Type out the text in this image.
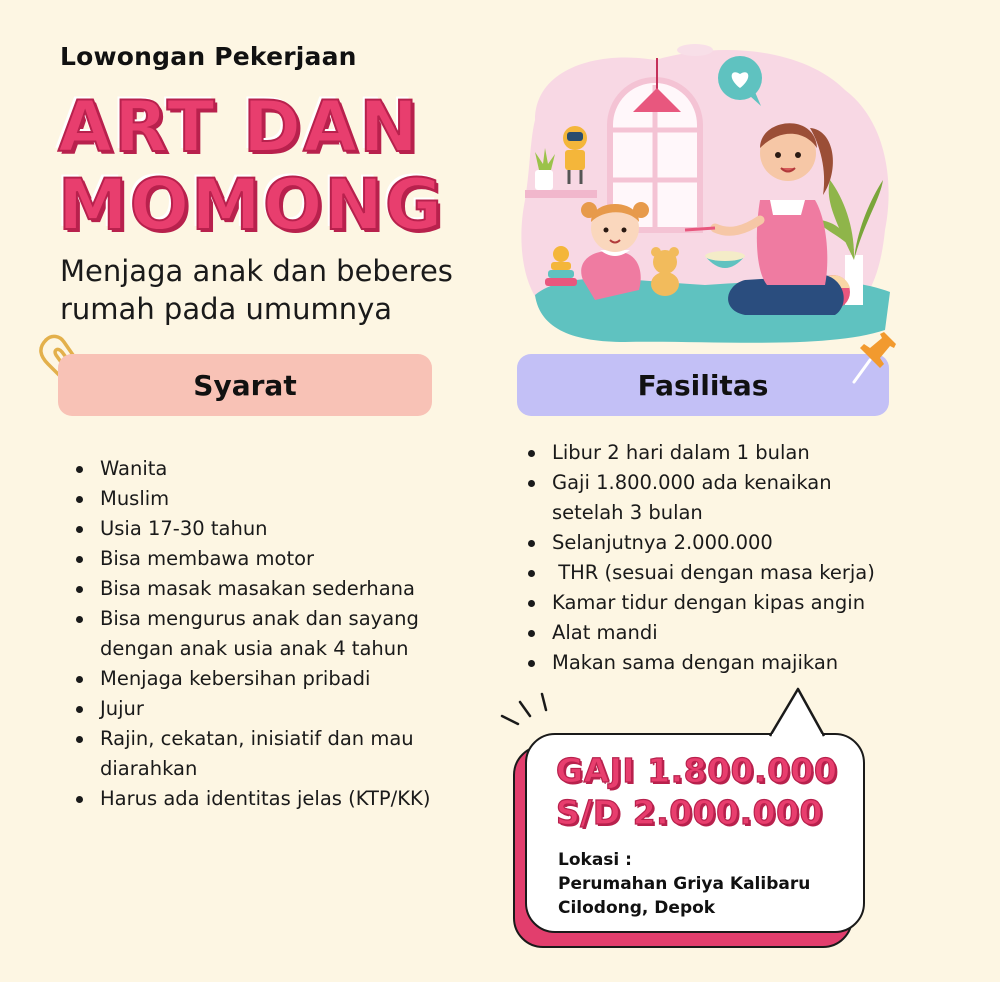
Lowongan Pekerjaan
ART DAN
MOMONG
Menjaga anak dan beberes
rumah pada umumnya
Syarat	Fasilitas
Wanita
Muslim
Usia 17-30 tahun
Bisa membawa motor
Bisa masak masakan sederhana
Bisa mengurus anak dan sayang dengan anak usia anak 4 tahun
Menjaga kebersihan pribadi
Jujur
Rajin, cekatan, inisiatif dan mau diarahkan
Harus ada identitas jelas (KTP/KK)
Libur 2 hari dalam 1 bulan
Gaji 1.800.000 ada kenaikan setelah 3 bulan
Selanjutnya 2.000.000
THR (sesuai dengan masa kerja)
Kamar tidur dengan kipas angin
Alat mandi
Makan sama dengan majikan
GAJI 1.800.000
S/D 2.000.000
Lokasi :
Perumahan Griya Kalibaru
Cilodong, Depok
